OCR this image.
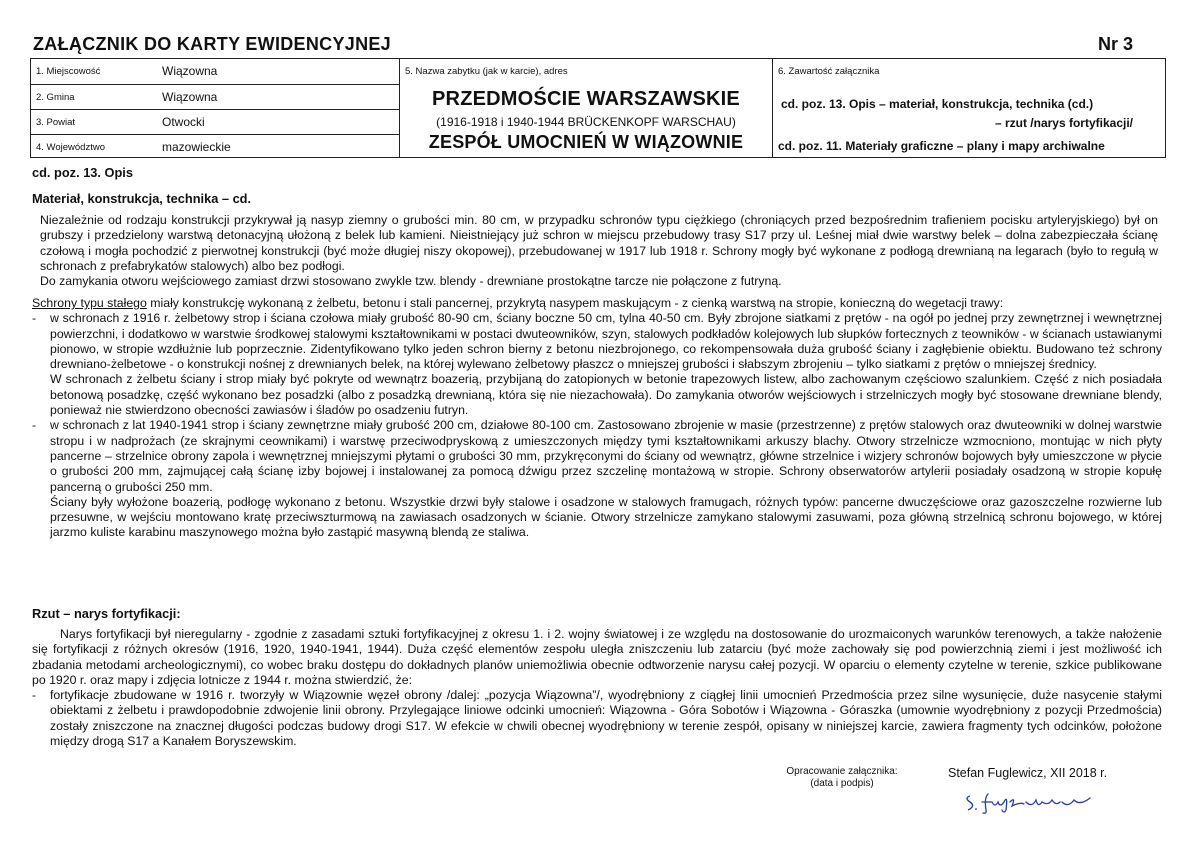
ZAŁĄCZNIK DO KARTY EWIDENCYJNEJ	Nr 3
1. Miejscowość	Wiązowna
2. Gmina	Wiązowna
3. Powiat	Otwocki
4. Województwo	mazowieckie
5. Nazwa zabytku (jak w karcie), adres
PRZEDMOŚCIE WARSZAWSKIE
(1916-1918 i 1940-1944 BRÜCKENKOPF WARSCHAU)
ZESPÓŁ UMOCNIEŃ W WIĄZOWNIE
6. Zawartość załącznika
cd. poz. 13. Opis – materiał, konstrukcja, technika (cd.)
– rzut /narys fortyfikacji/
cd. poz. 11. Materiały graficzne – plany i mapy archiwalne
cd. poz. 13. Opis
Materiał, konstrukcja, technika – cd.

Niezależnie od rodzaju konstrukcji przykrywał ją nasyp ziemny o grubości min. 80 cm, w przypadku schronów typu ciężkiego (chroniących przed bezpośrednim trafieniem pocisku artyleryjskiego) był on grubszy i przedzielony warstwą detonacyjną ułożoną z belek lub kamieni. Nieistniejący już schron w miejscu przebudowy trasy S17 przy ul. Leśnej miał dwie warstwy belek – dolna zabezpieczała ścianę czołową i mogła pochodzić z pierwotnej konstrukcji (być może długiej niszy okopowej), przebudowanej w 1917 lub 1918 r. Schrony mogły być wykonane z podłogą drewnianą na legarach (było to regułą w schronach z prefabrykatów stalowych) albo bez podłogi.

Do zamykania otworu wejściowego zamiast drzwi stosowano zwykle tzw. blendy - drewniane prostokątne tarcze nie połączone z futryną.

Schrony typu stałego miały konstrukcję wykonaną z żelbetu, betonu i stali pancernej, przykrytą nasypem maskującym - z cienką warstwą na stropie, konieczną do wegetacji trawy:

- w schronach z 1916 r. żelbetowy strop i ściana czołowa miały grubość 80-90 cm, ściany boczne 50 cm, tylna 40-50 cm. Były zbrojone siatkami z prętów - na ogół po jednej przy zewnętrznej i wewnętrznej powierzchni, i dodatkowo w warstwie środkowej stalowymi kształtownikami w postaci dwuteowników, szyn, stalowych podkładów kolejowych lub słupków fortecznych z teowników - w ścianach ustawianymi pionowo, w stropie wzdłużnie lub poprzecznie. Zidentyfikowano tylko jeden schron bierny z betonu niezbrojonego, co rekompensowała duża grubość ściany i zagłębienie obiektu. Budowano też schrony drewniano-żelbetowe - o konstrukcji nośnej z drewnianych belek, na której wylewano żelbetowy płaszcz o mniejszej grubości i słabszym zbrojeniu – tylko siatkami z prętów o mniejszej średnicy.

W schronach z żelbetu ściany i strop miały być pokryte od wewnątrz boazerią, przybijaną do zatopionych w betonie trapezowych listew, albo zachowanym częściowo szalunkiem. Część z nich posiadała betonową posadzkę, część wykonano bez posadzki (albo z posadzką drewnianą, która się nie niezachowała). Do zamykania otworów wejściowych i strzelniczych mogły być stosowane drewniane blendy, ponieważ nie stwierdzono obecności zawiasów i śladów po osadzeniu futryn.

- w schronach z lat 1940-1941 strop i ściany zewnętrzne miały grubość 200 cm, działowe 80-100 cm. Zastosowano zbrojenie w masie (przestrzenne) z prętów stalowych oraz dwuteowniki w dolnej warstwie stropu i w nadprożach (ze skrajnymi ceownikami) i warstwę przeciwodpryskową z umieszczonych między tymi kształtownikami arkuszy blachy. Otwory strzelnicze wzmocniono, montując w nich płyty pancerne – strzelnice obrony zapola i wewnętrznej mniejszymi płytami o grubości 30 mm, przykręconymi do ściany od wewnątrz, główne strzelnice i wizjery schronów bojowych były umieszczone w płycie o grubości 200 mm, zajmującej całą ścianę izby bojowej i instalowanej za pomocą dźwigu przez szczelinę montażową w stropie. Schrony obserwatorów artylerii posiadały osadzoną w stropie kopułę pancerną o grubości 250 mm.

Ściany były wyłożone boazerią, podłogę wykonano z betonu. Wszystkie drzwi były stalowe i osadzone w stalowych framugach, różnych typów: pancerne dwuczęściowe oraz gazoszczelne rozwierne lub przesuwne, w wejściu montowano kratę przeciwszturmową na zawiasach osadzonych w ścianie. Otwory strzelnicze zamykano stalowymi zasuwami, poza główną strzelnicą schronu bojowego, w której jarzmo kuliste karabinu maszynowego można było zastąpić masywną blendą ze staliwa.

Rzut – narys fortyfikacji:

Narys fortyfikacji był nieregularny - zgodnie z zasadami sztuki fortyfikacyjnej z okresu 1. i 2. wojny światowej i ze względu na dostosowanie do urozmaiconych warunków terenowych, a także nałożenie się fortyfikacji z różnych okresów (1916, 1920, 1940-1941, 1944). Duża część elementów zespołu uległa zniszczeniu lub zatarciu (być może zachowały się pod powierzchnią ziemi i jest możliwość ich zbadania metodami archeologicznymi), co wobec braku dostępu do dokładnych planów uniemożliwia obecnie odtworzenie narysu całej pozycji. W oparciu o elementy czytelne w terenie, szkice publikowane po 1920 r. oraz mapy i zdjęcia lotnicze z 1944 r. można stwierdzić, że:

- fortyfikacje zbudowane w 1916 r. tworzyły w Wiązownie węzeł obrony /dalej: „pozycja Wiązowna”/, wyodrębniony z ciągłej linii umocnień Przedmościa przez silne wysunięcie, duże nasycenie stałymi obiektami z żelbetu i prawdopodobnie zdwojenie linii obrony. Przylegające liniowe odcinki umocnień: Wiązowna - Góra Sobotów i Wiązowna - Góraszka (umownie wyodrębniony z pozycji Przedmościa) zostały zniszczone na znacznej długości podczas budowy drogi S17. W efekcie w chwili obecnej wyodrębniony w terenie zespół, opisany w niniejszej karcie, zawiera fragmenty tych odcinków, położone między drogą S17 a Kanałem Boryszewskim.

Opracowanie załącznika:
(data i podpis)
Stefan Fuglewicz, XII 2018 r.
